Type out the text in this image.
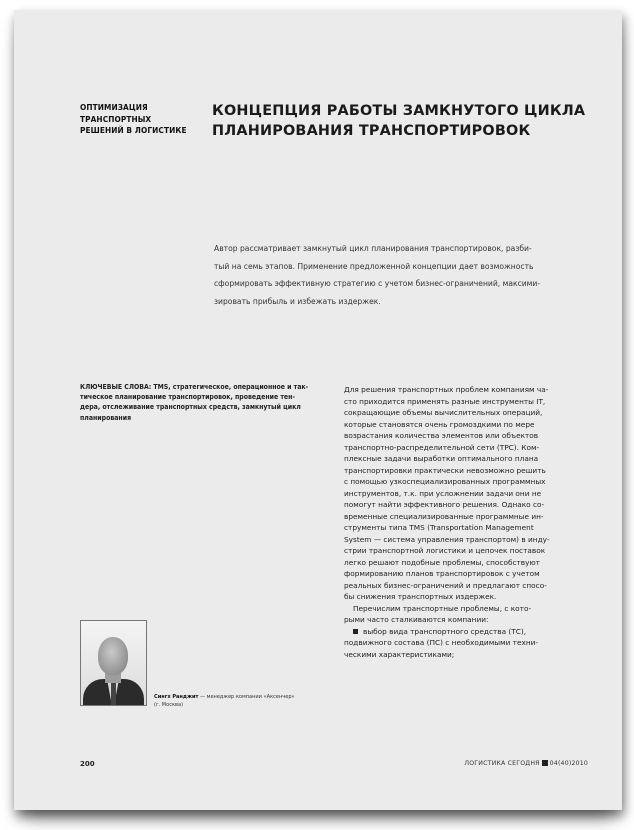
ОПТИМИЗАЦИЯ
ТРАНСПОРТНЫХ
РЕШЕНИЙ В ЛОГИСТИКЕ
КОНЦЕПЦИЯ РАБОТЫ ЗАМКНУТОГО ЦИКЛА
ПЛАНИРОВАНИЯ ТРАНСПОРТИРОВОК
Автор рассматривает замкнутый цикл планирования транспортировок, разби-
тый на семь этапов. Применение предложенной концепции дает возможность
сформировать эффективную стратегию с учетом бизнес-ограничений, максими-
зировать прибыль и избежать издержек.
КЛЮЧЕВЫЕ СЛОВА: TMS, стратегическое, операционное и так-
тическое планирование транспортировок, проведение тен-
дера, отслеживание транспортных средств, замкнутый цикл
планирования
Для решения транспортных проблем компаниям ча-
сто приходится применять разные инструменты IT,
сокращающие объемы вычислительных операций,
которые становятся очень громоздкими по мере
возрастания количества элементов или объектов
транспортно-распределительной сети (ТРС). Ком-
плексные задачи выработки оптимального плана
транспортировки практически невозможно решить
с помощью узкоспециализированных программных
инструментов, т.к. при усложнении задачи они не
помогут найти эффективного решения. Однако со-
временные специализированные программные ин-
струменты типа TMS (Transportation Management
System — система управления транспортом) в инду-
стрии транспортной логистики и цепочек поставок
легко решают подобные проблемы, способствуют
формированию планов транспортировок с учетом
реальных бизнес-ограничений и предлагают спосо-
бы снижения транспортных издержек.
Перечислим транспортные проблемы, с кото-
рыми часто сталкиваются компании:
выбор вида транспортного средства (ТС),
подвижного состава (ПС) с необходимыми техни-
ческими характеристиками;
Сингх Ранджит — менеджер компании «Аксенчер»
(г. Москва)
200	ЛОГИСТИКА СЕГОДНЯ 04(40)2010
